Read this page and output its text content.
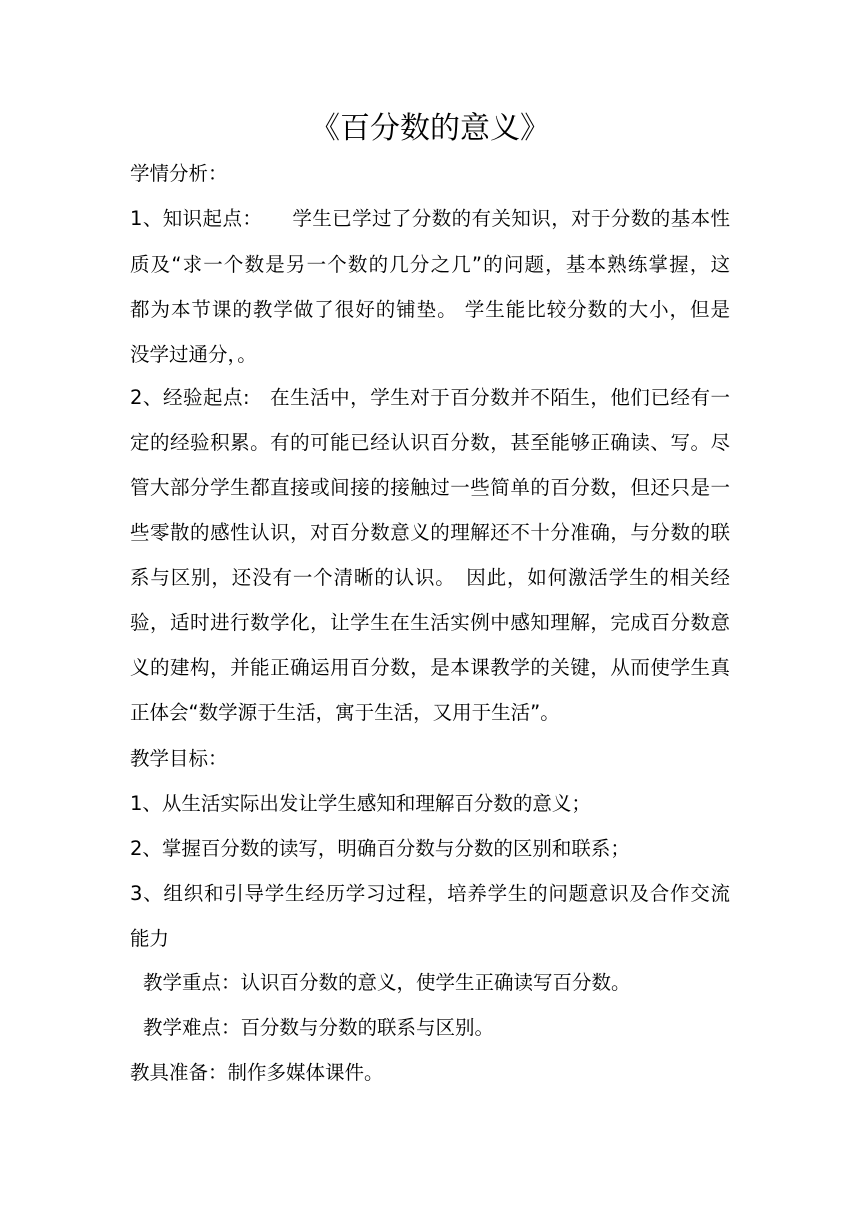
《百分数的意义》
学情分析：
1、知识起点：　　学生已学过了分数的有关知识，对于分数的基本性
质及“求一个数是另一个数的几分之几”的问题，基本熟练掌握，这
都为本节课的教学做了很好的铺垫。 学生能比较分数的大小，但是
没学过通分，。
2、经验起点:　在生活中，学生对于百分数并不陌生，他们已经有一
定的经验积累。有的可能已经认识百分数，甚至能够正确读、写。尽
管大部分学生都直接或间接的接触过一些简单的百分数，但还只是一
些零散的感性认识，对百分数意义的理解还不十分准确，与分数的联
系与区别，还没有一个清晰的认识。　因此，如何激活学生的相关经
验，适时进行数学化，让学生在生活实例中感知理解，完成百分数意
义的建构，并能正确运用百分数，是本课教学的关键，从而使学生真
正体会“数学源于生活，寓于生活，又用于生活”。
教学目标：
1、从生活实际出发让学生感知和理解百分数的意义；
2、掌握百分数的读写，明确百分数与分数的区别和联系；
3、组织和引导学生经历学习过程，培养学生的问题意识及合作交流
能力
教学重点：认识百分数的意义，使学生正确读写百分数。
教学难点：百分数与分数的联系与区别。
教具准备：制作多媒体课件。
